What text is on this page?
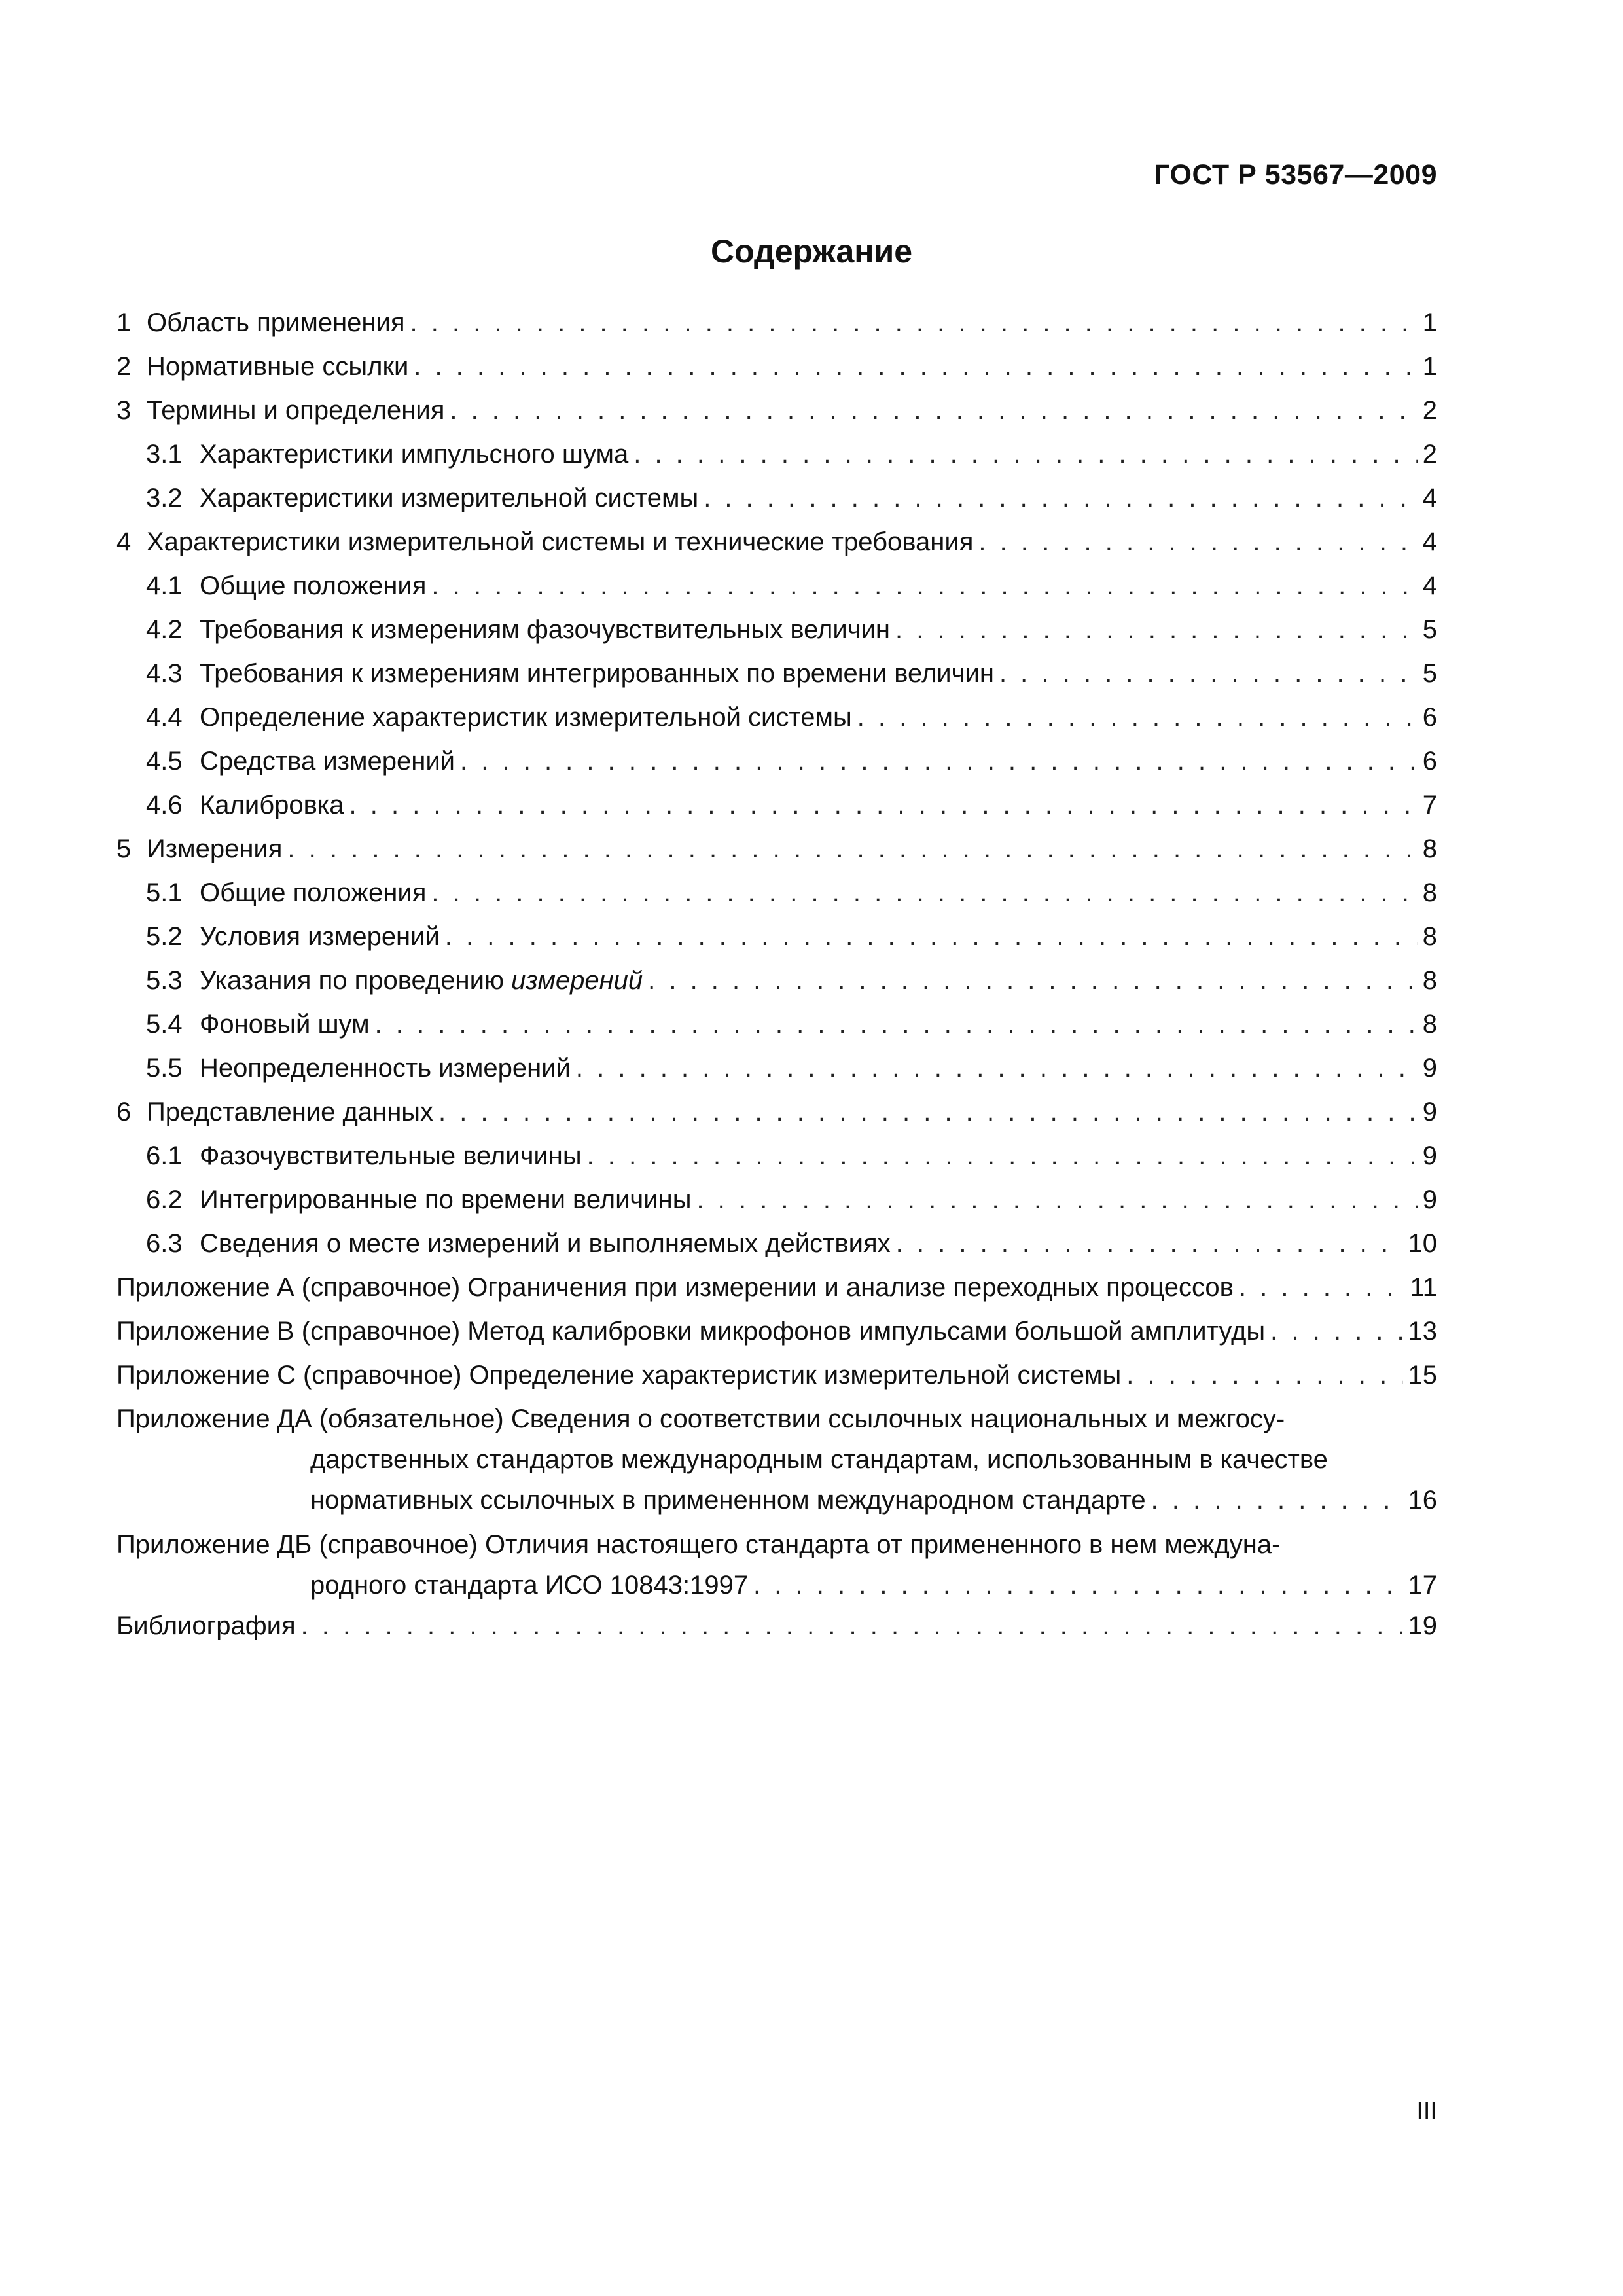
ГОСТ Р 53567—2009
Содержание
1 Область применения . . .	1
2 Нормативные ссылки . . .	1
3 Термины и определения . . .	2
3.1 Характеристики импульсного шума . . .	2
3.2 Характеристики измерительной системы . . .	4
4 Характеристики измерительной системы и технические требования . . .	4
4.1 Общие положения . . .	4
4.2 Требования к измерениям фазочувствительных величин . . .	5
4.3 Требования к измерениям интегрированных по времени величин . . .	5
4.4 Определение характеристик измерительной системы . . .	6
4.5 Средства измерений . . .	6
4.6 Калибровка . . .	7
5 Измерения . . .	8
5.1 Общие положения . . .	8
5.2 Условия измерений . . .	8
5.3 Указания по проведению измерений . . .	8
5.4 Фоновый шум . . .	8
5.5 Неопределенность измерений . . .	9
6 Представление данных . . .	9
6.1 Фазочувствительные величины . . .	9
6.2 Интегрированные по времени величины . . .	9
6.3 Сведения о месте измерений и выполняемых действиях . . .	10
Приложение А (справочное) Ограничения при измерении и анализе переходных процессов . . .	11
Приложение В (справочное) Метод калибровки микрофонов импульсами большой амплитуды . . .	13
Приложение С (справочное) Определение характеристик измерительной системы . . .	15
Приложение ДА (обязательное) Сведения о соответствии ссылочных национальных и межгосу-
дарственных стандартов международным стандартам, использованным в качестве
нормативных ссылочных в примененном международном стандарте . . .	16
Приложение ДБ (справочное) Отличия настоящего стандарта от примененного в нем междуна-
родного стандарта ИСО 10843:1997 . . .	17
Библиография . . .	19
III
